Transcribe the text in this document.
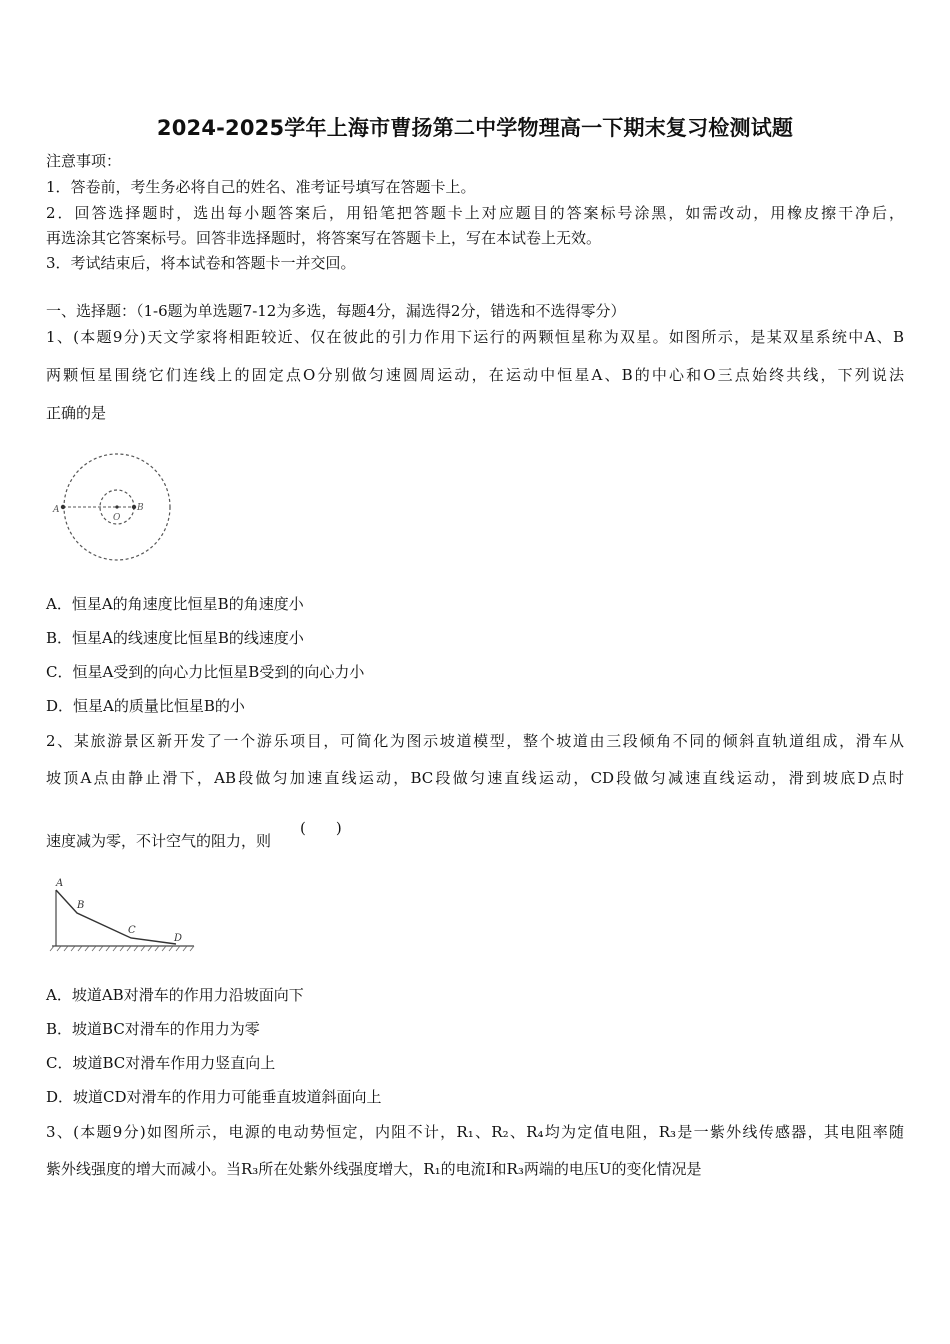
2024-2025学年上海市曹扬第二中学物理高一下期末复习检测试题
注意事项：
1．答卷前，考生务必将自己的姓名、准考证号填写在答题卡上。
2．回答选择题时，选出每小题答案后，用铅笔把答题卡上对应题目的答案标号涂黑，如需改动，用橡皮擦干净后，
再选涂其它答案标号。回答非选择题时，将答案写在答题卡上，写在本试卷上无效。
3．考试结束后，将本试卷和答题卡一并交回。
一、选择题：（1-6题为单选题7-12为多选，每题4分，漏选得2分，错选和不选得零分）
1、(本题9分)天文学家将相距较近、仅在彼此的引力作用下运行的两颗恒星称为双星。如图所示，是某双星系统中A、B
两颗恒星围绕它们连线上的固定点O分别做匀速圆周运动，在运动中恒星A、B的中心和O三点始终共线，下列说法
正确的是
A
O
B
A．恒星A的角速度比恒星B的角速度小
B．恒星A的线速度比恒星B的线速度小
C．恒星A受到的向心力比恒星B受到的向心力小
D．恒星A的质量比恒星B的小
2、某旅游景区新开发了一个游乐项目，可简化为图示坡道模型，整个坡道由三段倾角不同的倾斜直轨道组成，滑车从
坡顶A点由静止滑下，AB段做匀加速直线运动，BC段做匀速直线运动，CD段做匀减速直线运动，滑到坡底D点时
速度减为零，不计空气的阻力，则
(　　)
A
B
C
D
A．坡道AB对滑车的作用力沿坡面向下
B．坡道BC对滑车的作用力为零
C．坡道BC对滑车作用力竖直向上
D．坡道CD对滑车的作用力可能垂直坡道斜面向上
3、(本题9分)如图所示，电源的电动势恒定，内阻不计，R₁、R₂、R₄均为定值电阻，R₃是一紫外线传感器，其电阻率随
紫外线强度的增大而减小。当R₃所在处紫外线强度增大，R₁的电流I和R₃两端的电压U的变化情况是
